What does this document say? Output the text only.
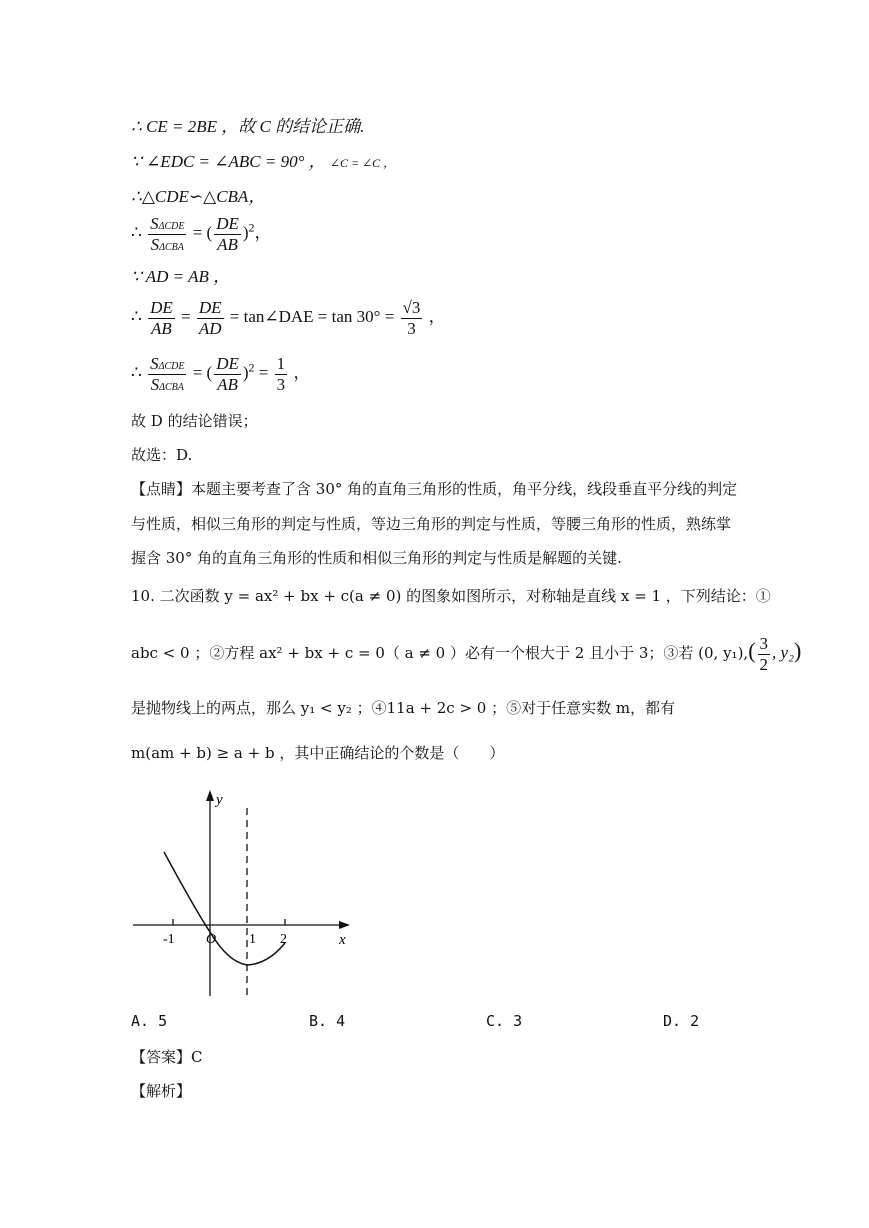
∴ CE = 2BE ，故 C 的结论正确.
∵ ∠EDC = ∠ABC = 90° ， ∠C = ∠C ，
∴△CDE∽△CBA，
∴ $\frac{\text{SΔCDE}}{\text{SΔCBA}}$ = ( $\frac{DE}{AB} )^2$，
∵ AD = AB ，
∴ $\frac{DE}{AB} = \frac{DE}{AD}$ = tan∠DAE = $\tan 30^\circ = \frac{√3}{3}$ ，
∴ $\frac{\text{SΔCDE}}{\text{SΔCBA}}$ = ( $\frac{DE}{AB} )^2 = \frac{1}{3}$ ，
故 D 的结论错误；
故选：D.
【点睛】本题主要考查了含 30° 角的直角三角形的性质，角平分线，线段垂直平分线的判定
与性质，相似三角形的判定与性质，等边三角形的判定与性质，等腰三角形的性质，熟练掌
握含 30° 角的直角三角形的性质和相似三角形的判定与性质是解题的关键.
10. 二次函数 y = ax² + bx + c(a ≠ 0) 的图象如图所示，对称轴是直线 x = 1 ，下列结论：①
abc < 0 ；②方程 ax² + bx + c = 0（ a ≠ 0 ）必有一个根大于 2 且小于 3；③若 (0, $y_1),( \frac{3}{2}$ , y₂)
是抛物线上的两点，那么 y₁ < y₂ ；④11a + 2c > 0 ；⑤对于任意实数 m，都有
m(am + b) ≥ a + b ，其中正确结论的个数是（　　）
y
x
O
-1	1 2
A. 5	B. 4	C. 3	D. 2
【答案】C
【解析】
